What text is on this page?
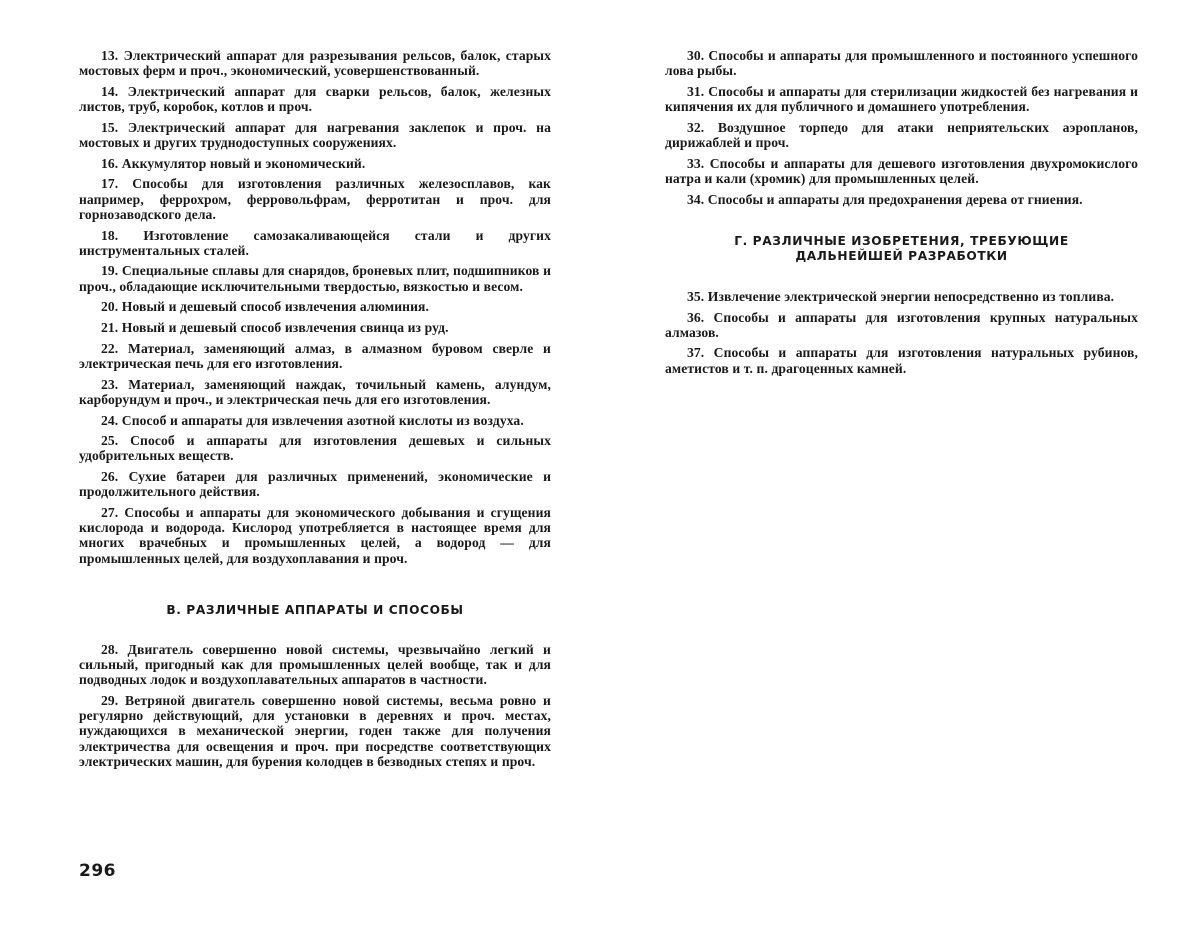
13. Электрический аппарат для разрезывания рельсов, балок, старых мостовых ферм и проч., экономический, усовершенствованный.

14. Электрический аппарат для сварки рельсов, балок, железных листов, труб, коробок, котлов и проч.

15. Электрический аппарат для нагревания заклепок и проч. на мостовых и других труднодоступных сооружениях.

16. Аккумулятор новый и экономический.

17. Способы для изготовления различных железосплавов, как например, феррохром, ферровольфрам, ферротитан и проч. для горнозаводского дела.

18. Изготовление самозакаливающейся стали и других инструментальных сталей.

19. Специальные сплавы для снарядов, броневых плит, подшипников и проч., обладающие исключительными твердостью, вязкостью и весом.

20. Новый и дешевый способ извлечения алюминия.

21. Новый и дешевый способ извлечения свинца из руд.

22. Материал, заменяющий алмаз, в алмазном буровом сверле и электрическая печь для его изготовления.

23. Материал, заменяющий наждак, точильный камень, алундум, карборундум и проч., и электрическая печь для его изготовления.

24. Способ и аппараты для извлечения азотной кислоты из воздуха.

25. Способ и аппараты для изготовления дешевых и сильных удобрительных веществ.

26. Сухие батареи для различных применений, экономические и продолжительного действия.

27. Способы и аппараты для экономического добывания и сгущения кислорода и водорода. Кислород употребляется в настоящее время для многих врачебных и промышленных целей, а водород — для промышленных целей, для воздухоплавания и проч.

В. РАЗЛИЧНЫЕ АППАРАТЫ И СПОСОБЫ

28. Двигатель совершенно новой системы, чрезвычайно легкий и сильный, пригодный как для промышленных целей вообще, так и для подводных лодок и воздухоплавательных аппаратов в частности.

29. Ветряной двигатель совершенно новой системы, весьма ровно и регулярно действующий, для установки в деревнях и проч. местах, нуждающихся в механической энергии, годен также для получения электричества для освещения и проч. при посредстве соответствующих электрических машин, для бурения колодцев в безводных степях и проч.

296

30. Способы и аппараты для промышленного и постоянного успешного лова рыбы.

31. Способы и аппараты для стерилизации жидкостей без нагревания и кипячения их для публичного и домашнего употребления.

32. Воздушное торпедо для атаки неприятельских аэропланов, дирижаблей и проч.

33. Способы и аппараты для дешевого изготовления двухромокислого натра и кали (хромик) для промышленных целей.

34. Способы и аппараты для предохранения дерева от гниения.

Г. РАЗЛИЧНЫЕ ИЗОБРЕТЕНИЯ, ТРЕБУЮЩИЕ ДАЛЬНЕЙШЕЙ РАЗРАБОТКИ

35. Извлечение электрической энергии непосредственно из топлива.

36. Способы и аппараты для изготовления крупных натуральных алмазов.

37. Способы и аппараты для изготовления натуральных рубинов, аметистов и т. п. драгоценных камней.
